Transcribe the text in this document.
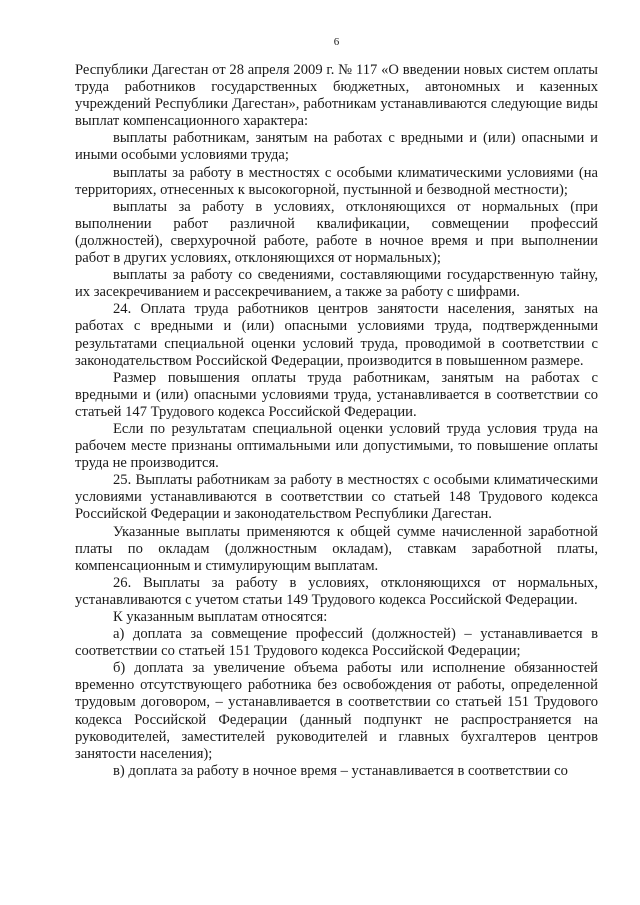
6

Республики Дагестан от 28 апреля 2009 г. № 117 «О введении новых систем оплаты труда работников государственных бюджетных, автономных и казенных учреждений Республики Дагестан», работникам устанавливаются следующие виды выплат компенсационного характера:

выплаты работникам, занятым на работах с вредными и (или) опасными и иными особыми условиями труда;

выплаты за работу в местностях с особыми климатическими условиями (на территориях, отнесенных к высокогорной, пустынной и безводной местности);

выплаты за работу в условиях, отклоняющихся от нормальных (при выполнении работ различной квалификации, совмещении профессий (должностей), сверхурочной работе, работе в ночное время и при выполнении работ в других условиях, отклоняющихся от нормальных);

выплаты за работу со сведениями, составляющими государственную тайну, их засекречиванием и рассекречиванием, а также за работу с шифрами.

24. Оплата труда работников центров занятости населения, занятых на работах с вредными и (или) опасными условиями труда, подтвержденными результатами специальной оценки условий труда, проводимой в соответствии с законодательством Российской Федерации, производится в повышенном размере.

Размер повышения оплаты труда работникам, занятым на работах с вредными и (или) опасными условиями труда, устанавливается в соответствии со статьей 147 Трудового кодекса Российской Федерации.

Если по результатам специальной оценки условий труда условия труда на рабочем месте признаны оптимальными или допустимыми, то повышение оплаты труда не производится.

25. Выплаты работникам за работу в местностях с особыми климатическими условиями устанавливаются в соответствии со статьей 148 Трудового кодекса Российской Федерации и законодательством Республики Дагестан.

Указанные выплаты применяются к общей сумме начисленной заработной платы по окладам (должностным окладам), ставкам заработной платы, компенсационным и стимулирующим выплатам.

26. Выплаты за работу в условиях, отклоняющихся от нормальных, устанавливаются с учетом статьи 149 Трудового кодекса Российской Федерации.

К указанным выплатам относятся:

а) доплата за совмещение профессий (должностей) – устанавливается в соответствии со статьей 151 Трудового кодекса Российской Федерации;

б) доплата за увеличение объема работы или исполнение обязанностей временно отсутствующего работника без освобождения от работы, определенной трудовым договором, – устанавливается в соответствии со статьей 151 Трудового кодекса Российской Федерации (данный подпункт не распространяется на руководителей, заместителей руководителей и главных бухгалтеров центров занятости населения);

в) доплата за работу в ночное время – устанавливается в соответствии со
